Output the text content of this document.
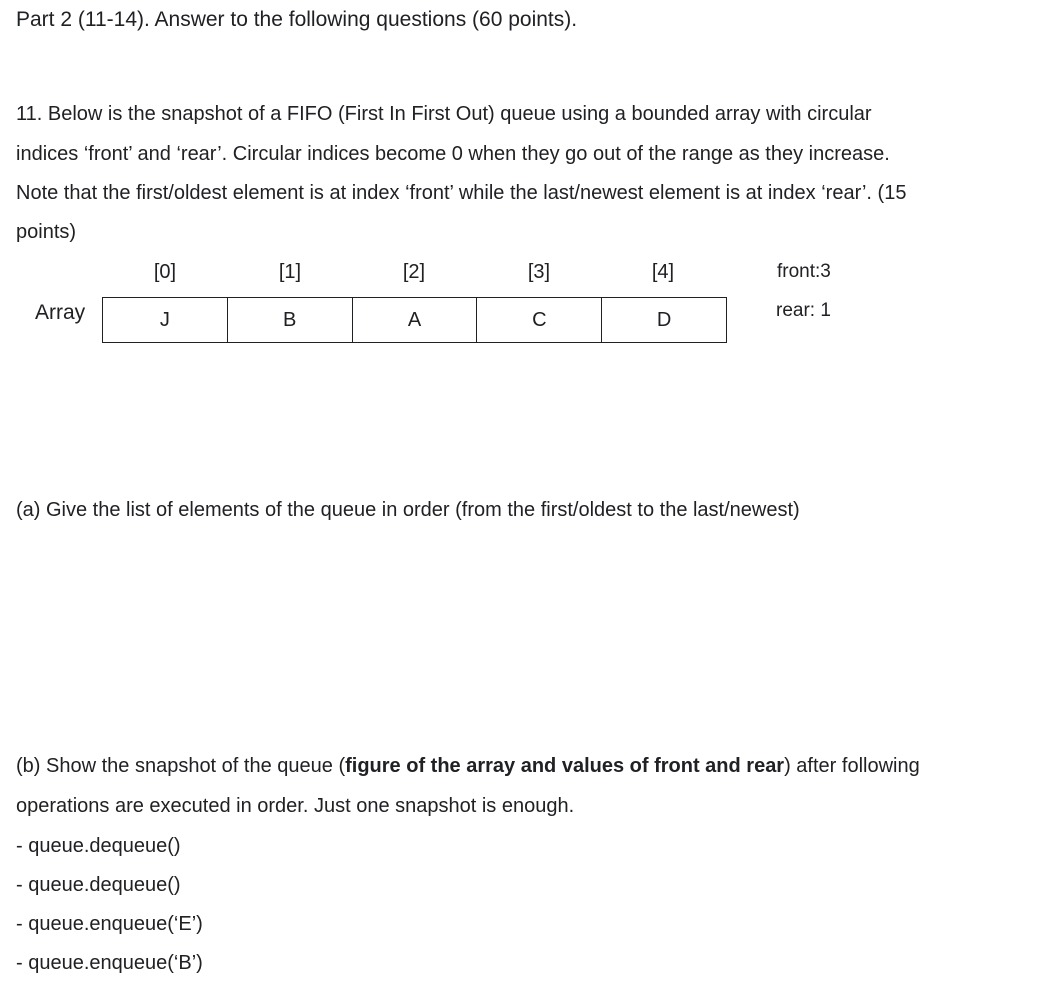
Part 2 (11-14). Answer to the following questions (60 points).
11. Below is the snapshot of a FIFO (First In First Out) queue using a bounded array with circular
indices ‘front’ and ‘rear’. Circular indices become 0 when they go out of the range as they increase.
Note that the first/oldest element is at index ‘front’ while the last/newest element is at index ‘rear’. (15
points)
[0]	[1]	[2]	[3]	[4]
Array	J	B	A	C	D
front:3
rear: 1
(a) Give the list of elements of the queue in order (from the first/oldest to the last/newest)
(b) Show the snapshot of the queue (figure of the array and values of front and rear) after following
operations are executed in order. Just one snapshot is enough.
- queue.dequeue()
- queue.dequeue()
- queue.enqueue(‘E’)
- queue.enqueue(‘B’)
